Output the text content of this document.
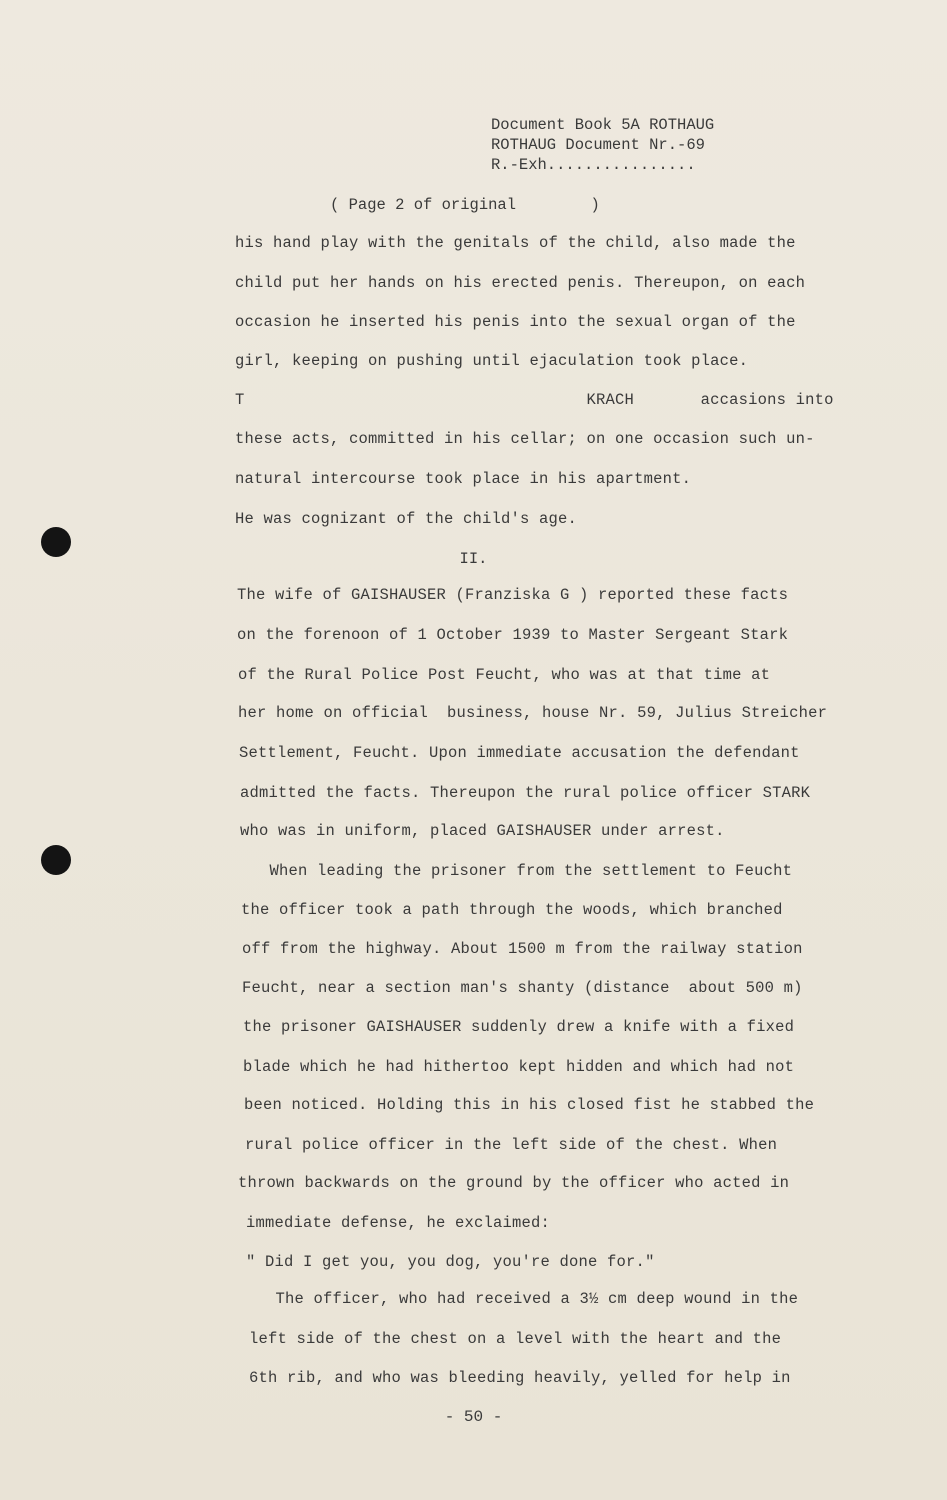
Document Book 5A ROTHAUG
ROTHAUG Document Nr.-69
R.-Exh................
( Page 2 of original        )
his hand play with the genitals of the child, also made the
child put her hands on his erected penis. Thereupon, on each
occasion he inserted his penis into the sexual organ of the
girl, keeping on pushing until ejaculation took place.
T                                    KRACH       accasions into
these acts, committed in his cellar; on one occasion such un-
natural intercourse took place in his apartment.
He was cognizant of the child's age.
II.
The wife of GAISHAUSER (Franziska G ) reported these facts
on the forenoon of 1 October 1939 to Master Sergeant Stark
of the Rural Police Post Feucht, who was at that time at
her home on official  business, house Nr. 59, Julius Streicher
Settlement, Feucht. Upon immediate accusation the defendant
admitted the facts. Thereupon the rural police officer STARK
who was in uniform, placed GAISHAUSER under arrest.
When leading the prisoner from the settlement to Feucht
the officer took a path through the woods, which branched
off from the highway. About 1500 m from the railway station
Feucht, near a section man's shanty (distance  about 500 m)
the prisoner GAISHAUSER suddenly drew a knife with a fixed
blade which he had hithertoo kept hidden and which had not
been noticed. Holding this in his closed fist he stabbed the
rural police officer in the left side of the chest. When
thrown backwards on the ground by the officer who acted in
immediate defense, he exclaimed:
" Did I get you, you dog, you're done for."
The officer, who had received a 3½ cm deep wound in the
left side of the chest on a level with the heart and the
6th rib, and who was bleeding heavily, yelled for help in
- 50 -
